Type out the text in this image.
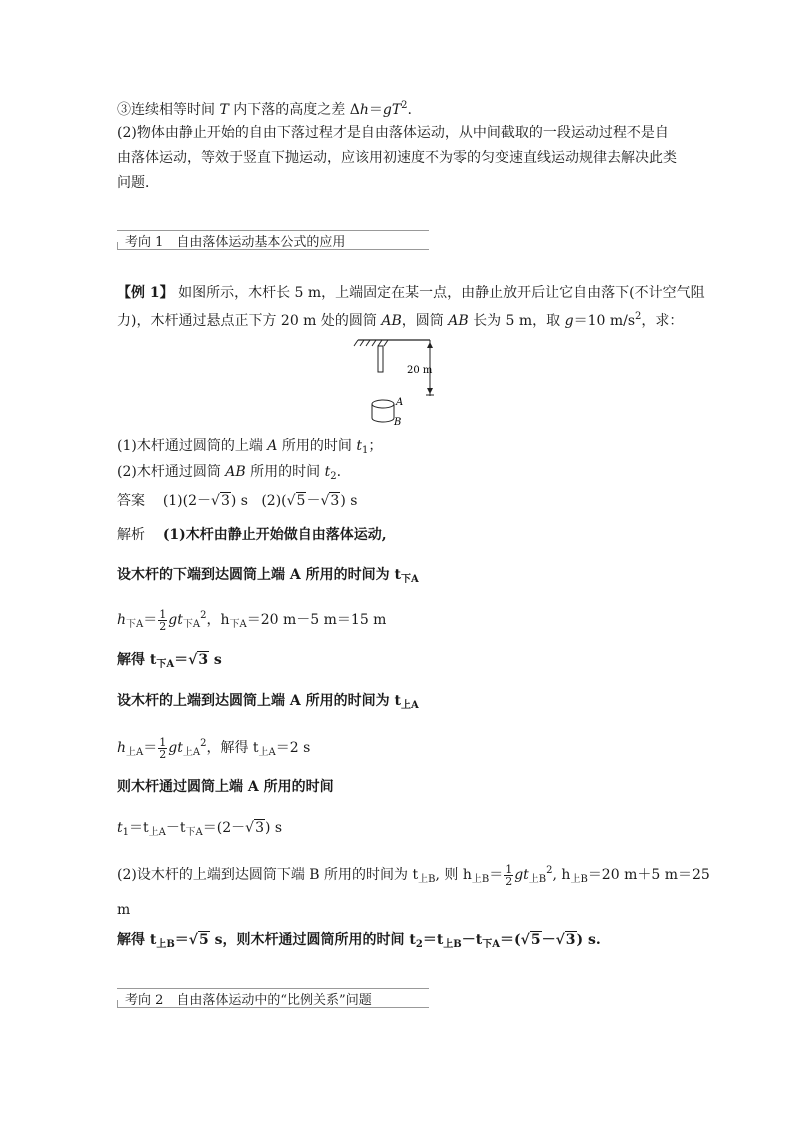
③连续相等时间 T 内下落的高度之差 $\Delta h=gT^2$.
(2)物体由静止开始的自由下落过程才是自由落体运动，从中间截取的一段运动过程不是自由落体运动，等效于竖直下抛运动，应该用初速度不为零的匀变速直线运动规律去解决此类问题．
考向 1　自由落体运动基本公式的应用
【例 1】 如图所示，木杆长 5 m，上端固定在某一点，由静止放开后让它自由落下(不计空气阻
力)，木杆通过悬点正下方 20 m 处的圆筒 AB，圆筒 AB 长为 5 m，取 g＝10 $m/s^2$，求：
20 m
A
B
(1)木杆通过圆筒的上端 A 所用的时间 $t_1$；
(2)木杆通过圆筒 AB 所用的时间 $t_2$.
答案 (1)(2－√3) s (2)(√5－√3) s
解析 (1)木杆由静止开始做自由落体运动,
设木杆的下端到达圆筒上端 A 所用的时间为 $t_{下A}$
$h_{下A}= \frac{1}{2} gt_{下A}^2$，$h_{下A}=20$ m－5 m＝15 m
解得 $t_{下A}=√3$ s
设木杆的上端到达圆筒上端 A 所用的时间为 $t_{上A}$
$h_{上A}= \frac{1}{2} gt_{上A}^2$，解得 $t_{上A}=2$ s
则木杆通过圆筒上端 A 所用的时间
$t_1=t_{上A}-t_{下A}=(2-√3)$ s
(2)设木杆的上端到达圆筒下端 B 所用的时间为 $t_{上B}$, 则 $h_{上B}= \frac{1}{2} gt_{上B}^2$, $h_{上B}=20$ m＋5 m＝25
m
解得 $t_{上B}=√5$ s，则木杆通过圆筒所用的时间 $t_2=t_{上B}-t_{下A}=(√5-√3)$ s.
考向 2　自由落体运动中的“比例关系”问题
